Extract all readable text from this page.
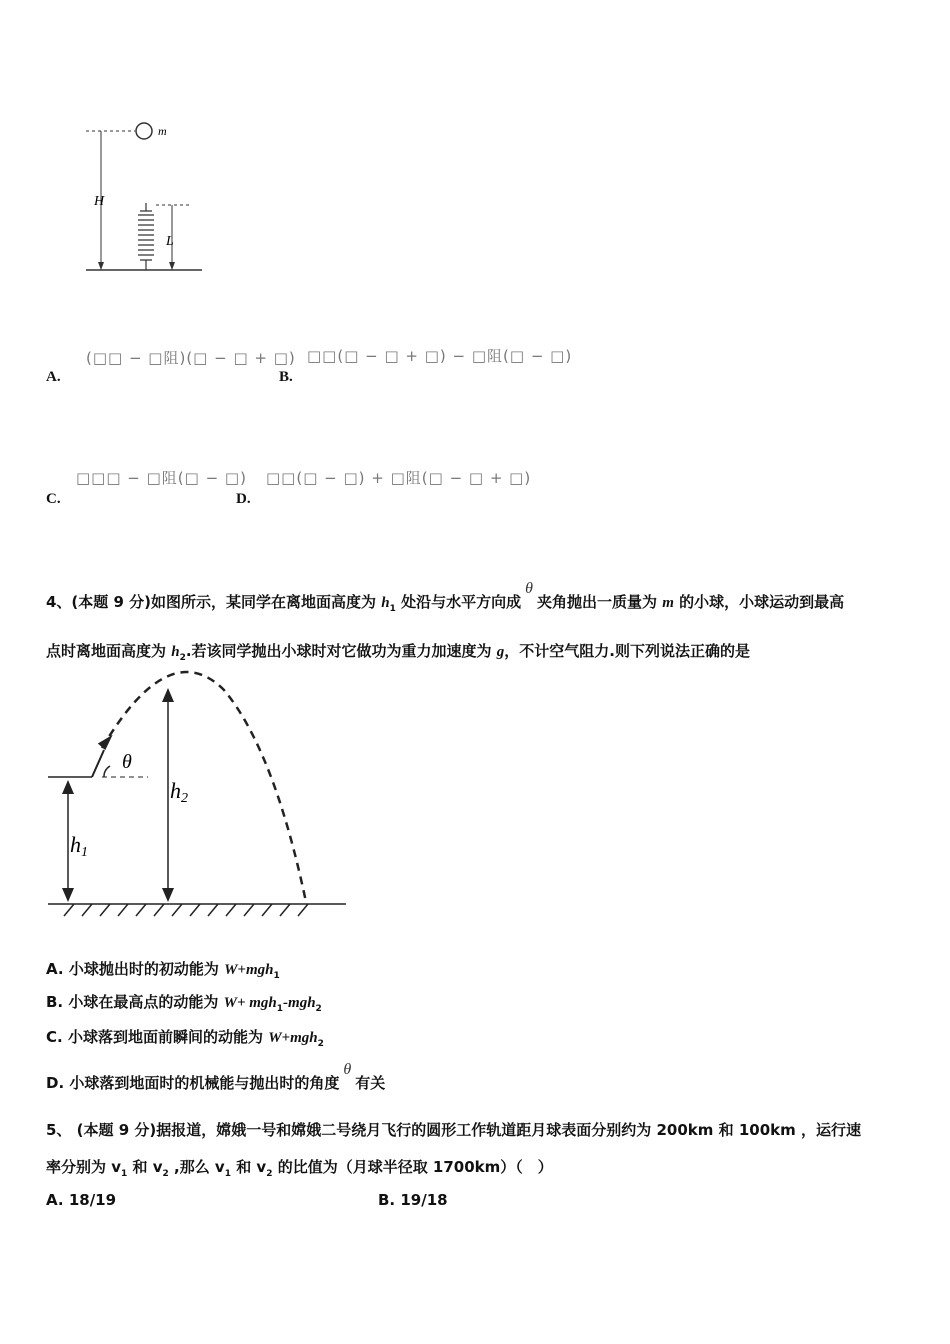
m
H
L
(□□ − □阻)(□ − □ + □)
A.
□□(□ − □ + □) − □阻(□ − □)
B.
□□□ − □阻(□ − □)
C.
□□(□ − □) + □阻(□ − □ + □)
D.
4、(本题 9 分)如图所示，某同学在离地面高度为 $h_1$ 处沿与水平方向成θ夹角抛出一质量为 m 的小球，小球运动到最高
点时离地面高度为 $h_2$.若该同学抛出小球时对它做功为重力加速度为 g，不计空气阻力.则下列说法正确的是
θ
h1
h2
A. 小球抛出时的初动能为 W+mgh$_1$
B. 小球在最高点的动能为 W+ mgh$_1$-mgh$_2$
C. 小球落到地面前瞬间的动能为 W+mgh$_2$
D. 小球落到地面时的机械能与抛出时的角度θ有关
5、 (本题 9 分)据报道，嫦娥一号和嫦娥二号绕月飞行的圆形工作轨道距月球表面分别约为 200km 和 100km ，运行速
率分别为 $v_1$ 和 $v_2$ ,那么 $v_1$ 和 $v_2$ 的比值为（月球半径取 1700km）（　）
A. 18/19	B. 19/18
